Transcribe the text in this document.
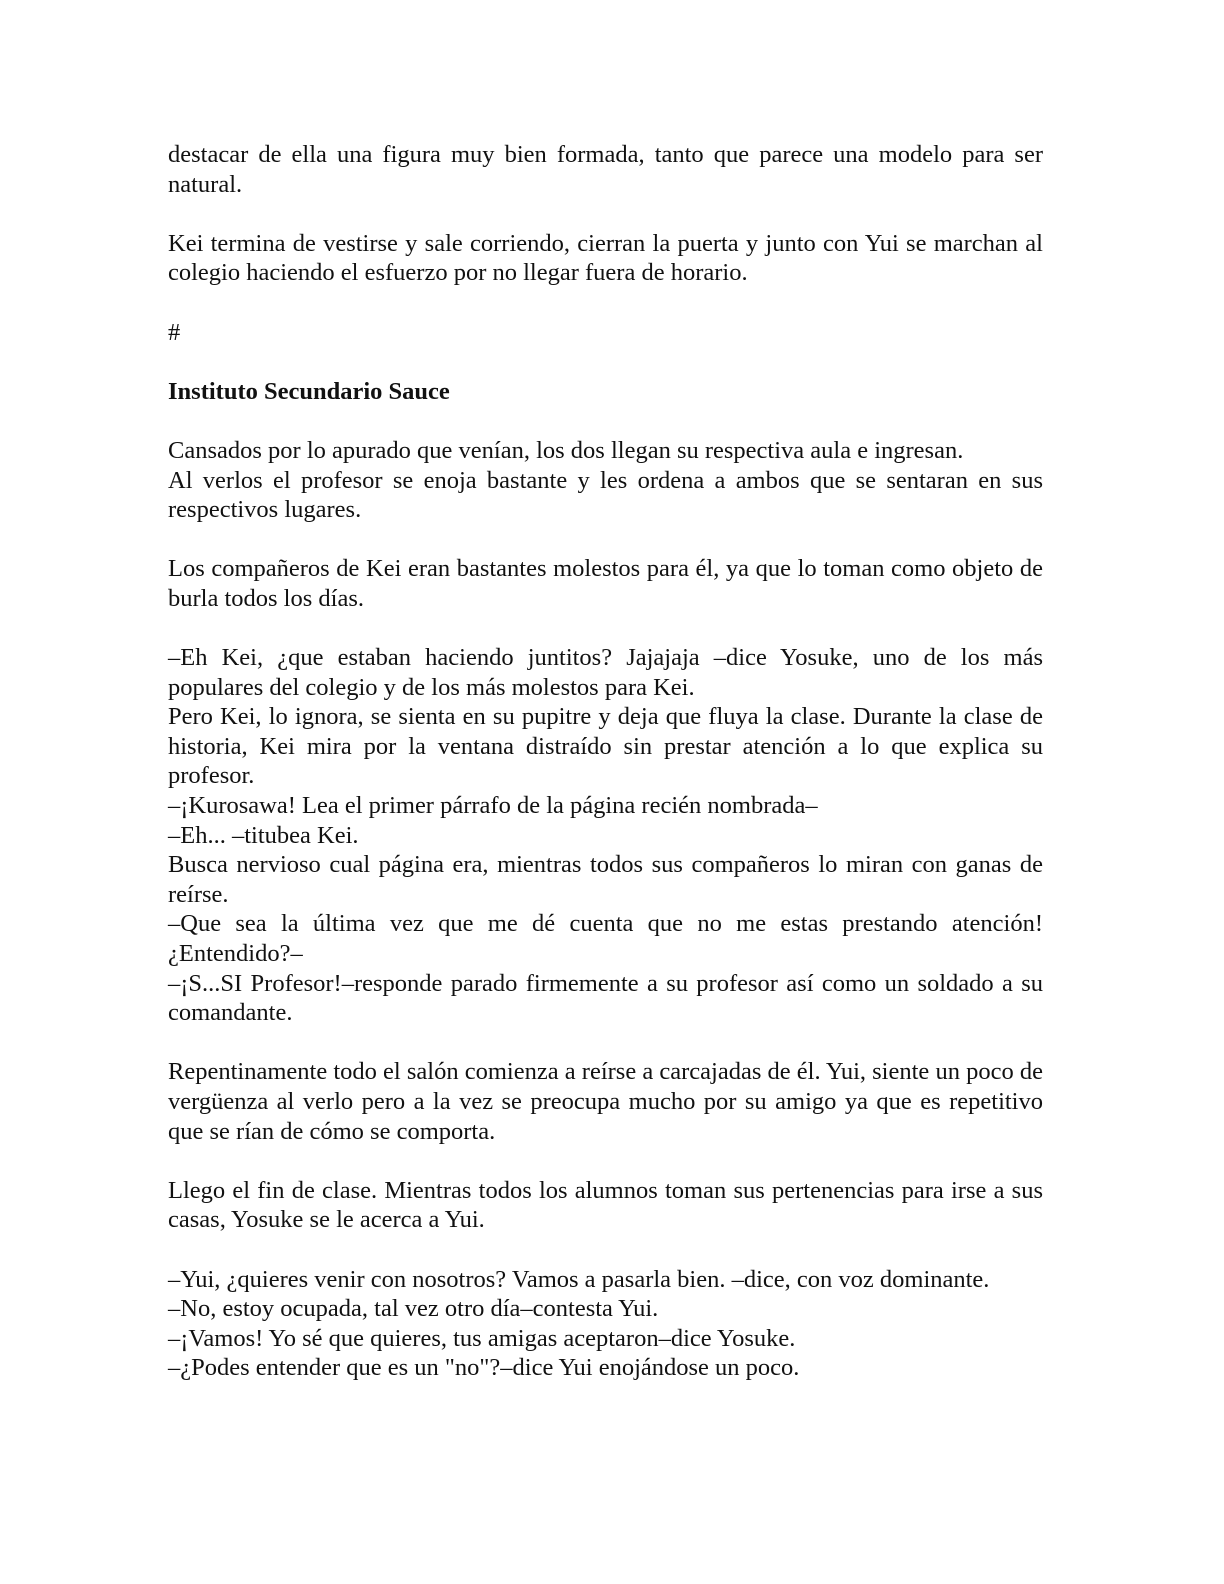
destacar de ella una figura muy bien formada, tanto que parece una modelo para ser natural.

Kei termina de vestirse y sale corriendo, cierran la puerta y junto con Yui se marchan al colegio haciendo el esfuerzo por no llegar fuera de horario.

#

Instituto Secundario Sauce

Cansados por lo apurado que venían, los dos llegan su respectiva aula e ingresan.

Al verlos el profesor se enoja bastante y les ordena a ambos que se sentaran en sus respectivos lugares.

Los compañeros de Kei eran bastantes molestos para él, ya que lo toman como objeto de burla todos los días.

–Eh Kei, ¿que estaban haciendo juntitos? Jajajaja –dice Yosuke, uno de los más populares del colegio y de los más molestos para Kei.

Pero Kei, lo ignora, se sienta en su pupitre y deja que fluya la clase. Durante la clase de historia, Kei mira por la ventana distraído sin prestar atención a lo que explica su profesor.

–¡Kurosawa! Lea el primer párrafo de la página recién nombrada–

–Eh... –titubea Kei.

Busca nervioso cual página era, mientras todos sus compañeros lo miran con ganas de reírse.

–Que sea la última vez que me dé cuenta que no me estas prestando atención! ¿Entendido?–

–¡S...SI Profesor!–responde parado firmemente a su profesor así como un soldado a su comandante.

Repentinamente todo el salón comienza a reírse a carcajadas de él. Yui, siente un poco de vergüenza al verlo pero a la vez se preocupa mucho por su amigo ya que es repetitivo que se rían de cómo se comporta.

Llego el fin de clase. Mientras todos los alumnos toman sus pertenencias para irse a sus casas, Yosuke se le acerca a Yui.

–Yui, ¿quieres venir con nosotros? Vamos a pasarla bien. –dice, con voz dominante.

–No, estoy ocupada, tal vez otro día–contesta Yui.

–¡Vamos! Yo sé que quieres, tus amigas aceptaron–dice Yosuke.

–¿Podes entender que es un "no"?–dice Yui enojándose un poco.
